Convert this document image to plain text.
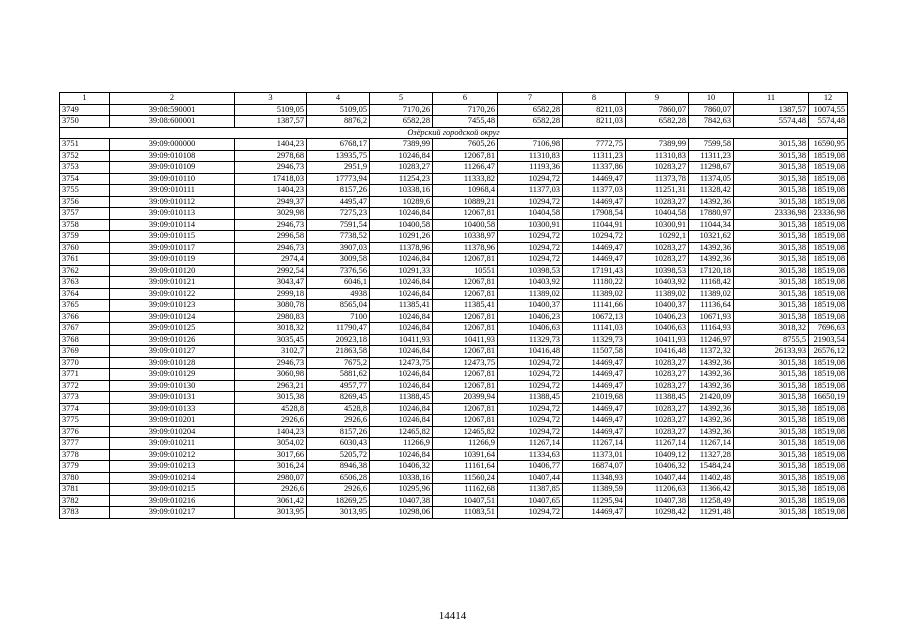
1	2	3	4	5	6	7	8	9	10	11	12
3749	39:08:590001	5109,05	5109,05	7170,26	7170,26	6582,28	8211,03	7860,07	7860,07	1387,57	10074,55
3750	39:08:600001	1387,57	8876,2	6582,28	7455,48	6582,28	8211,03	6582,28	7842,63	5574,48	5574,48
Озёрский городской округ											
3751	39:09:000000	1404,23	6768,17	7389,99	7605,26	7106,98	7772,75	7389,99	7599,58	3015,38	16590,95
3752	39:09:010108	2978,68	13935,75	10246,84	12067,81	11310,83	11311,23	11310,83	11311,23	3015,38	18519,08
3753	39:09:010109	2946,73	2951,9	10283,27	11266,47	11193,36	11337,86	10283,27	11298,67	3015,38	18519,08
3754	39:09:010110	17418,03	17773,94	11254,23	11333,82	10294,72	14469,47	11373,78	11374,05	3015,38	18519,08
3755	39:09:010111	1404,23	8157,26	10338,16	10968,4	11377,03	11377,03	11251,31	11328,42	3015,38	18519,08
3756	39:09:010112	2949,37	4495,47	10289,6	10889,21	10294,72	14469,47	10283,27	14392,36	3015,38	18519,08
3757	39:09:010113	3029,98	7275,23	10246,84	12067,81	10404,58	17908,54	10404,58	17880,97	23336,98	23336,98
3758	39:09:010114	2946,73	7591,54	10400,58	10400,58	10300,91	11044,91	10300,91	11044,34	3015,38	18519,08
3759	39:09:010115	2996,58	7738,52	10291,26	10338,97	10294,72	10294,72	10292,1	10321,62	3015,38	18519,08
3760	39:09:010117	2946,73	3907,03	11378,96	11378,96	10294,72	14469,47	10283,27	14392,36	3015,38	18519,08
3761	39:09:010119	2974,4	3009,58	10246,84	12067,81	10294,72	14469,47	10283,27	14392,36	3015,38	18519,08
3762	39:09:010120	2992,54	7376,56	10291,33	10551	10398,53	17191,43	10398,53	17120,18	3015,38	18519,08
3763	39:09:010121	3043,47	6046,1	10246,84	12067,81	10403,92	11180,22	10403,92	11168,42	3015,38	18519,08
3764	39:09:010122	2999,18	4938	10246,84	12067,81	11389,02	11389,02	11389,02	11389,02	3015,38	18519,08
3765	39:09:010123	3080,78	8565,04	11385,41	11385,41	10400,37	11141,66	10400,37	11136,64	3015,38	18519,08
3766	39:09:010124	2980,83	7100	10246,84	12067,81	10406,23	10672,13	10406,23	10671,93	3015,38	18519,08
3767	39:09:010125	3018,32	11790,47	10246,84	12067,81	10406,63	11141,03	10406,63	11164,93	3018,32	7696,63
3768	39:09:010126	3035,45	20923,18	10411,93	10411,93	11329,73	11329,73	10411,93	11246,97	8755,5	21903,54
3769	39:09:010127	3102,7	21863,58	10246,84	12067,81	10416,48	11507,58	10416,48	11372,32	26133,93	26576,12
3770	39:09:010128	2946,73	7675,2	12473,75	12473,75	10294,72	14469,47	10283,27	14392,36	3015,38	18519,08
3771	39:09:010129	3060,98	5881,62	10246,84	12067,81	10294,72	14469,47	10283,27	14392,36	3015,38	18519,08
3772	39:09:010130	2963,21	4957,77	10246,84	12067,81	10294,72	14469,47	10283,27	14392,36	3015,38	18519,08
3773	39:09:010131	3015,38	8269,45	11388,45	20399,94	11388,45	21019,68	11388,45	21420,09	3015,38	16650,19
3774	39:09:010133	4528,8	4528,8	10246,84	12067,81	10294,72	14469,47	10283,27	14392,36	3015,38	18519,08
3775	39:09:010201	2926,6	2926,6	10246,84	12067,81	10294,72	14469,47	10283,27	14392,36	3015,38	18519,08
3776	39:09:010204	1404,23	8157,26	12465,82	12465,82	10294,72	14469,47	10283,27	14392,36	3015,38	18519,08
3777	39:09:010211	3054,02	6030,43	11266,9	11266,9	11267,14	11267,14	11267,14	11267,14	3015,38	18519,08
3778	39:09:010212	3017,66	5205,72	10246,84	10391,64	11334,63	11373,01	10409,12	11327,28	3015,38	18519,08
3779	39:09:010213	3016,24	8946,38	10406,32	11161,64	10406,77	16874,07	10406,32	15484,24	3015,38	18519,08
3780	39:09:010214	2980,07	6506,28	10338,16	11560,24	10407,44	11348,93	10407,44	11402,48	3015,38	18519,08
3781	39:09:010215	2926,6	2926,6	10295,96	11162,68	11387,85	11389,59	11206,63	11366,42	3015,38	18519,08
3782	39:09:010216	3061,42	18269,25	10407,38	10407,51	10407,65	11295,94	10407,38	11258,49	3015,38	18519,08
3783	39:09:010217	3013,95	3013,95	10298,06	11083,51	10294,72	14469,47	10298,42	11291,48	3015,38	18519,08
14414
